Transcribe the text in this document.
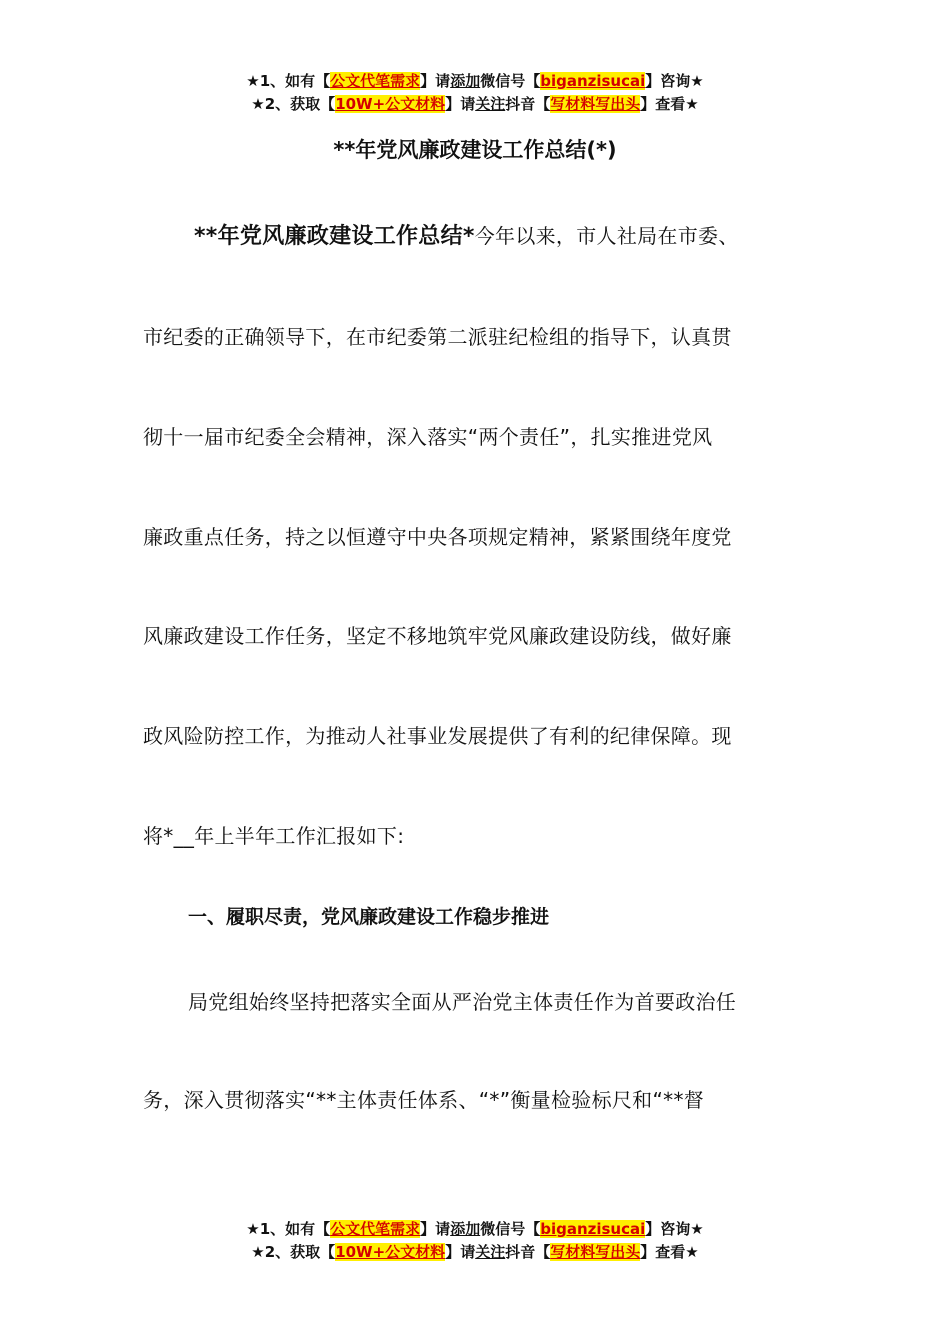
★1、如有【公文代笔需求】请添加微信号【biganzisucai】咨询★
★2、获取【10W+公文材料】请关注抖音【写材料写出头】查看★
**年党风廉政建设工作总结(*)
**年党风廉政建设工作总结*今年以来，市人社局在市委、
市纪委的正确领导下，在市纪委第二派驻纪检组的指导下，认真贯
彻十一届市纪委全会精神，深入落实“两个责任”，扎实推进党风
廉政重点任务，持之以恒遵守中央各项规定精神，紧紧围绕年度党
风廉政建设工作任务，坚定不移地筑牢党风廉政建设防线，做好廉
政风险防控工作，为推动人社事业发展提供了有利的纪律保障。现
将*__年上半年工作汇报如下:
一、履职尽责，党风廉政建设工作稳步推进
局党组始终坚持把落实全面从严治党主体责任作为首要政治任
务，深入贯彻落实“**主体责任体系、“*”衡量检验标尺和“**督
★1、如有【公文代笔需求】请添加微信号【biganzisucai】咨询★
★2、获取【10W+公文材料】请关注抖音【写材料写出头】查看★
